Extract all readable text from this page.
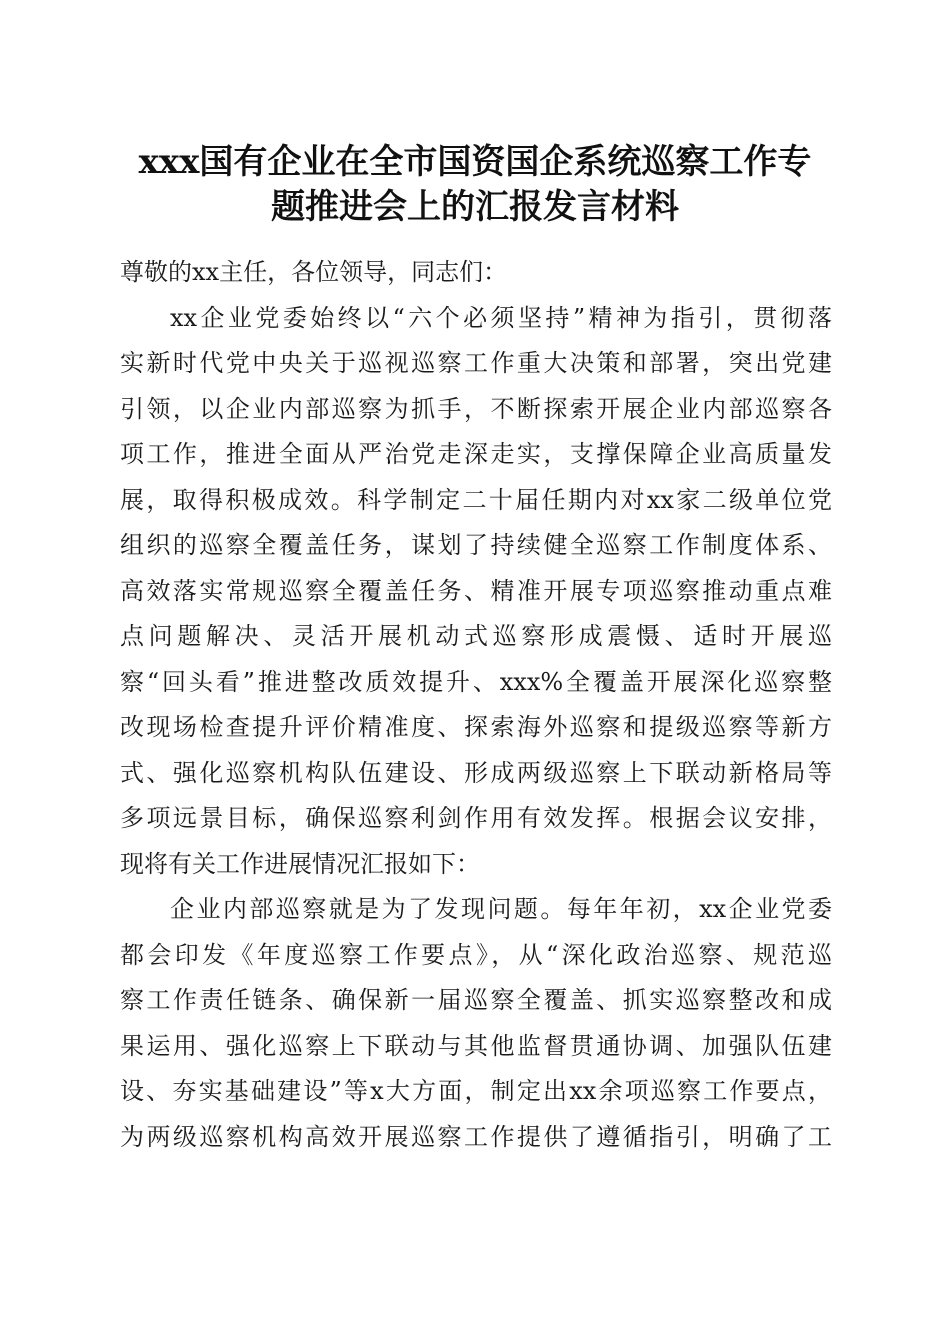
xxx国有企业在全市国资国企系统巡察工作专
题推进会上的汇报发言材料
尊敬的xx主任，各位领导，同志们：
xx企业党委始终以“六个必须坚持”精神为指引，贯彻落
实新时代党中央关于巡视巡察工作重大决策和部署，突出党建
引领，以企业内部巡察为抓手，不断探索开展企业内部巡察各
项工作，推进全面从严治党走深走实，支撑保障企业高质量发
展，取得积极成效。科学制定二十届任期内对xx家二级单位党
组织的巡察全覆盖任务，谋划了持续健全巡察工作制度体系、
高效落实常规巡察全覆盖任务、精准开展专项巡察推动重点难
点问题解决、灵活开展机动式巡察形成震慑、适时开展巡
察“回头看”推进整改质效提升、xxx%全覆盖开展深化巡察整
改现场检查提升评价精准度、探索海外巡察和提级巡察等新方
式、强化巡察机构队伍建设、形成两级巡察上下联动新格局等
多项远景目标，确保巡察利剑作用有效发挥。根据会议安排，
现将有关工作进展情况汇报如下：
企业内部巡察就是为了发现问题。每年年初，xx企业党委
都会印发《年度巡察工作要点》，从“深化政治巡察、规范巡
察工作责任链条、确保新一届巡察全覆盖、抓实巡察整改和成
果运用、强化巡察上下联动与其他监督贯通协调、加强队伍建
设、夯实基础建设”等x大方面，制定出xx余项巡察工作要点，
为两级巡察机构高效开展巡察工作提供了遵循指引，明确了工
